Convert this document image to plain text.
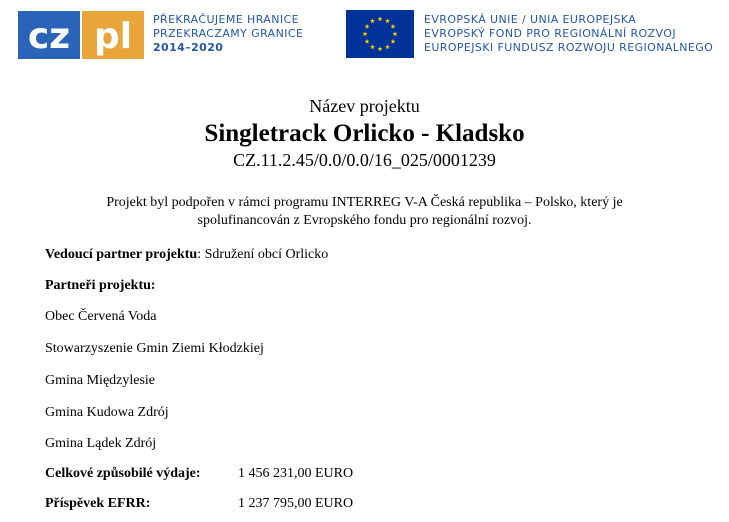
cz pl PŘEKRAČUJEME HRANICE
PRZEKRACZAMY GRANICE
2014–2020
EVROPSKÁ UNIE / UNIA EUROPEJSKA
EVROPSKÝ FOND PRO REGIONÁLNÍ ROZVOJ
EUROPEJSKI FUNDUSZ ROZWOJU REGIONALNEGO
Název projektu
Singletrack Orlicko - Kladsko
CZ.11.2.45/0.0/0.0/16_025/0001239
Projekt byl podpořen v rámci programu INTERREG V-A Česká republika – Polsko, který je
spolufinancován z Evropského fondu pro regionální rozvoj.
Vedoucí partner projektu: Sdružení obcí Orlicko
Partneři projektu:
Obec Červená Voda
Stowarzyszenie Gmin Ziemi Kłodzkiej
Gmina Międzylesie
Gmina Kudowa Zdrój
Gmina Lądek Zdrój
Celkové způsobilé výdaje:	1 456 231,00 EURO
Příspěvek EFRR:	1 237 795,00 EURO
